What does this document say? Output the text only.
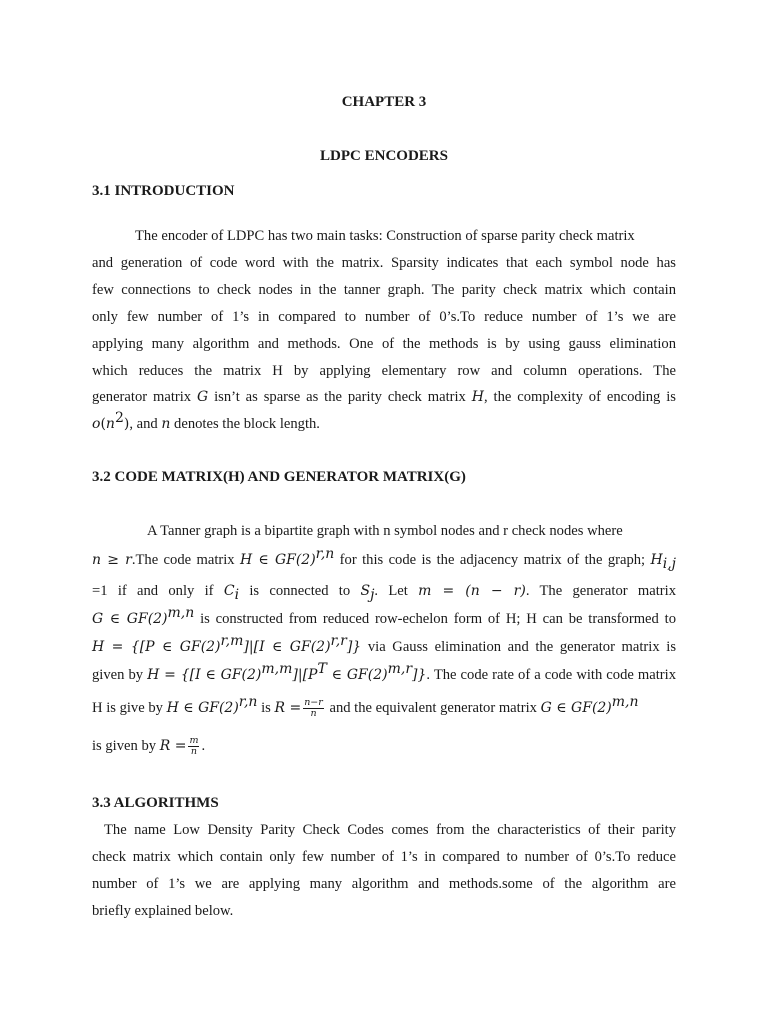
CHAPTER 3
LDPC ENCODERS
3.1 INTRODUCTION
The encoder of LDPC has two main tasks: Construction of sparse parity check matrix
and generation of code word with the matrix. Sparsity indicates that each symbol node has
few connections to check nodes in the tanner graph. The parity check matrix which contain
only few number of 1’s in compared to number of 0’s.To reduce number of 1’s we are
applying many algorithm and methods. One of the methods is by using gauss elimination
which reduces the matrix H by applying elementary row and column operations. The
generator matrix G isn’t as sparse as the parity check matrix H, the complexity of encoding is
$o(n^2)$, and n denotes the block length.
3.2 CODE MATRIX(H) AND GENERATOR MATRIX(G)
A Tanner graph is a bipartite graph with n symbol nodes and r check nodes where
n ≥ r.The code matrix H ∈ $GF(2)^{r,n}$ for this code is the adjacency matrix of the graph; $H_{i,j}$
=1 if and only if $C_i$ is connected to $S_j$. Let m = (n − r). The generator matrix
G ∈ $GF(2)^{m,n}$ is constructed from reduced row-echelon form of H; H can be transformed to
H = {[P ∈ $GF(2)^{r,m}]|[I$ ∈ $GF(2)^{r,r}$]} via Gauss elimination and the generator matrix is
given by H = {[I ∈ $GF(2)^{m,m}]|[P^T$ ∈ $GF(2)^{m,r}$]}. The code rate of a code with code matrix
H is give by H ∈ $GF(2)^{r,n}$ is $R = \frac{n-r}{n}$ and the equivalent generator matrix G ∈ $GF(2)^{m,n}$
is given by $R = \frac{m}{n}$ .
3.3 ALGORITHMS
The name Low Density Parity Check Codes comes from the characteristics of their parity
check matrix which contain only few number of 1’s in compared to number of 0’s.To reduce
number of 1’s we are applying many algorithm and methods.some of the algorithm are
briefly explained below.
